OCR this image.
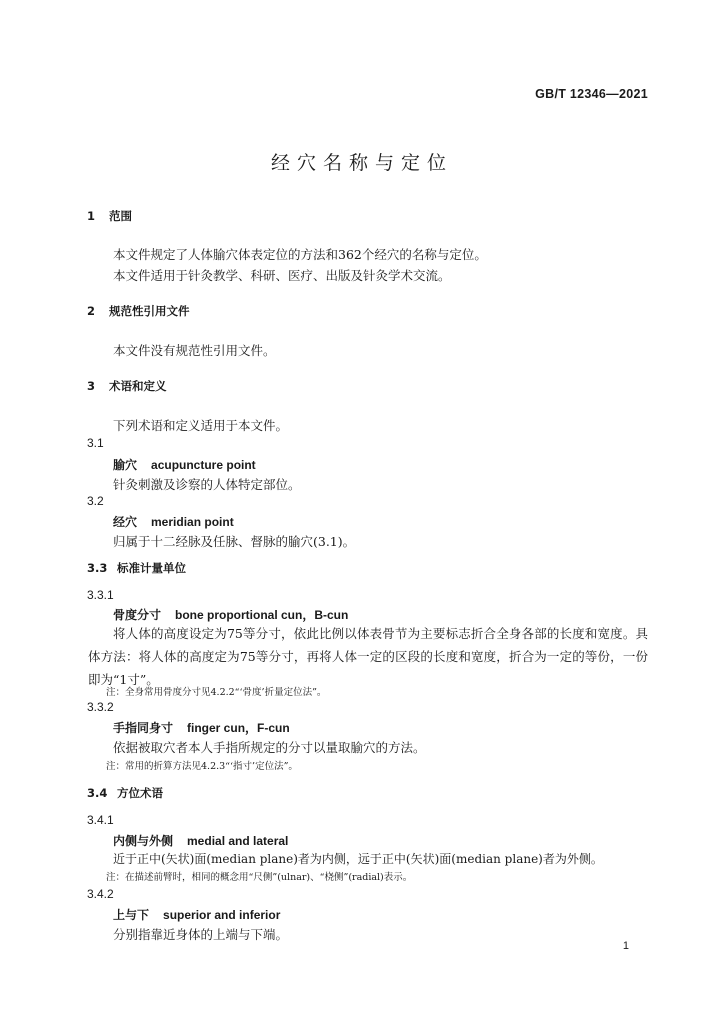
GB/T 12346—2021
经穴名称与定位
1 范围
本文件规定了人体腧穴体表定位的方法和362个经穴的名称与定位。
本文件适用于针灸教学、科研、医疗、出版及针灸学术交流。
2 规范性引用文件
本文件没有规范性引用文件。
3 术语和定义
下列术语和定义适用于本文件。
3.1
腧穴 acupuncture point
针灸刺激及诊察的人体特定部位。
3.2
经穴 meridian point
归属于十二经脉及任脉、督脉的腧穴(3.1)。
3.3 标准计量单位
3.3.1
骨度分寸 bone proportional cun，B-cun
将人体的高度设定为75等分寸，依此比例以体表骨节为主要标志折合全身各部的长度和宽度。具体方法：将人体的高度定为75等分寸，再将人体一定的区段的长度和宽度，折合为一定的等份，一份即为“1寸”。
注：全身常用骨度分寸见4.2.2“‘骨度’折量定位法”。
3.3.2
手指同身寸 finger cun，F-cun
依据被取穴者本人手指所规定的分寸以量取腧穴的方法。
注：常用的折算方法见4.2.3“‘指寸’定位法”。
3.4 方位术语
3.4.1
内侧与外侧 medial and lateral
近于正中(矢状)面(median plane)者为内侧，远于正中(矢状)面(median plane)者为外侧。
注：在描述前臂时，相同的概念用“尺侧”(ulnar)、“桡侧”(radial)表示。
3.4.2
上与下 superior and inferior
分别指靠近身体的上端与下端。
1
